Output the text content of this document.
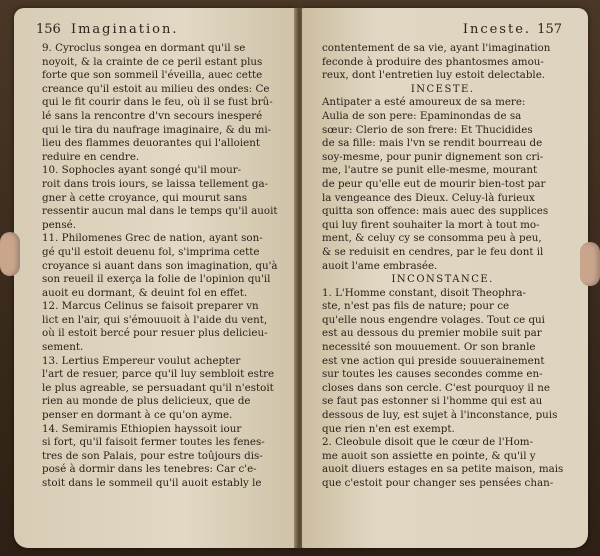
156 Imagination.
9. Cyroclus songea en dormant qu'il se
noyoit, & la crainte de ce peril estant plus
forte que son sommeil l'éveilla, auec cette
creance qu'il estoit au milieu des ondes: Ce
qui le fit courir dans le feu, où il se fust brû-
lé sans la rencontre d'vn secours inesperé
qui le tira du naufrage imaginaire, & du mi-
lieu des flammes deuorantes qui l'alloient
reduire en cendre.
10. Sophocles ayant songé qu'il mour-
roit dans trois iours, se laissa tellement ga-
gner à cette croyance, qui mourut sans
ressentir aucun mal dans le temps qu'il auoit
pensé.
11. Philomenes Grec de nation, ayant son-
gé qu'il estoit deuenu fol, s'imprima cette
croyance si auant dans son imagination, qu'à
son reueil il exerça la folie de l'opinion qu'il
auoit eu dormant, & deuint fol en effet.
12. Marcus Celinus se faisoit preparer vn
lict en l'air, qui s'émouuoit à l'aide du vent,
où il estoit bercé pour resuer plus delicieu-
sement.
13. Lertius Empereur voulut achepter
l'art de resuer, parce qu'il luy sembloit estre
le plus agreable, se persuadant qu'il n'estoit
rien au monde de plus delicieux, que de
penser en dormant à ce qu'on ayme.
14. Semiramis Ethiopien hayssoit iour
si fort, qu'il faisoit fermer toutes les fenes-
tres de son Palais, pour estre toûjours dis-
posé à dormir dans les tenebres: Car c'e-
stoit dans le sommeil qu'il auoit estably le
Inceste. 157
contentement de sa vie, ayant l'imagination
feconde à produire des phantosmes amou-
reux, dont l'entretien luy estoit delectable.
INCESTE.
Antipater a esté amoureux de sa mere:
Aulia de son pere: Epaminondas de sa
sœur: Clerio de son frere: Et Thucidides
de sa fille: mais l'vn se rendit bourreau de
soy-mesme, pour punir dignement son cri-
me, l'autre se punit elle-mesme, mourant
de peur qu'elle eut de mourir bien-tost par
la vengeance des Dieux. Celuy-là furieux
quitta son offence: mais auec des supplices
qui luy firent souhaiter la mort à tout mo-
ment, & celuy cy se consomma peu à peu,
& se reduisit en cendres, par le feu dont il
auoit l'ame embrasée.
INCONSTANCE.
1. L'Homme constant, disoit Theophra-
ste, n'est pas fils de nature; pour ce
qu'elle nous engendre volages. Tout ce qui
est au dessous du premier mobile suit par
necessité son mouuement. Or son branle
est vne action qui preside souuerainement
sur toutes les causes secondes comme en-
closes dans son cercle. C'est pourquoy il ne
se faut pas estonner si l'homme qui est au
dessous de luy, est sujet à l'inconstance, puis
que rien n'en est exempt.
2. Cleobule disoit que le cœur de l'Hom-
me auoit son assiette en pointe, & qu'il y
auoit diuers estages en sa petite maison, mais
que c'estoit pour changer ses pensées chan-
